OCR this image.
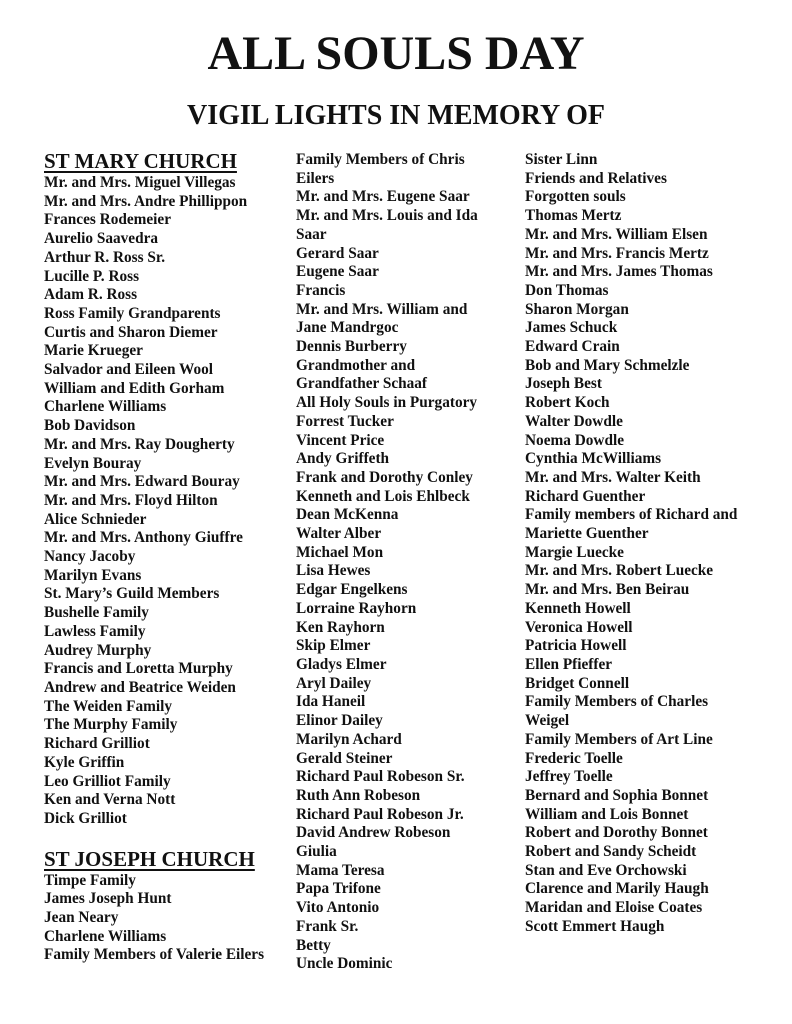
ALL SOULS DAY
VIGIL LIGHTS IN MEMORY OF
ST MARY CHURCH
Mr. and Mrs. Miguel Villegas
Mr. and Mrs. Andre Phillippon
Frances Rodemeier
Aurelio Saavedra
Arthur R. Ross Sr.
Lucille P. Ross
Adam R. Ross
Ross Family Grandparents
Curtis and Sharon Diemer
Marie Krueger
Salvador and Eileen Wool
William and Edith Gorham
Charlene Williams
Bob Davidson
Mr. and Mrs. Ray Dougherty
Evelyn Bouray
Mr. and Mrs. Edward Bouray
Mr. and Mrs. Floyd Hilton
Alice Schnieder
Mr. and Mrs. Anthony Giuffre
Nancy Jacoby
Marilyn Evans
St. Mary’s Guild Members
Bushelle Family
Lawless Family
Audrey Murphy
Francis and Loretta Murphy
Andrew and Beatrice Weiden
The Weiden Family
The Murphy Family
Richard Grilliot
Kyle Griffin
Leo Grilliot Family
Ken and Verna Nott
Dick Grilliot
ST JOSEPH CHURCH
Timpe Family
James Joseph Hunt
Jean Neary
Charlene Williams
Family Members of Valerie Eilers
Family Members of Chris
Eilers
Mr. and Mrs. Eugene Saar
Mr. and Mrs. Louis and Ida
Saar
Gerard Saar
Eugene Saar
Francis
Mr. and Mrs. William and
Jane Mandrgoc
Dennis Burberry
Grandmother and
Grandfather Schaaf
All Holy Souls in Purgatory
Forrest Tucker
Vincent Price
Andy Griffeth
Frank and Dorothy Conley
Kenneth and Lois Ehlbeck
Dean McKenna
Walter Alber
Michael Mon
Lisa Hewes
Edgar Engelkens
Lorraine Rayhorn
Ken Rayhorn
Skip Elmer
Gladys Elmer
Aryl Dailey
Ida Haneil
Elinor Dailey
Marilyn Achard
Gerald Steiner
Richard Paul Robeson Sr.
Ruth Ann Robeson
Richard Paul Robeson Jr.
David Andrew Robeson
Giulia
Mama Teresa
Papa Trifone
Vito Antonio
Frank Sr.
Betty
Uncle Dominic
Sister Linn
Friends and Relatives
Forgotten souls
Thomas Mertz
Mr. and Mrs. William Elsen
Mr. and Mrs. Francis Mertz
Mr. and Mrs. James Thomas
Don Thomas
Sharon Morgan
James Schuck
Edward Crain
Bob and Mary Schmelzle
Joseph Best
Robert Koch
Walter Dowdle
Noema Dowdle
Cynthia McWilliams
Mr. and Mrs. Walter Keith
Richard Guenther
Family members of Richard and
Mariette Guenther
Margie Luecke
Mr. and Mrs. Robert Luecke
Mr. and Mrs. Ben Beirau
Kenneth Howell
Veronica Howell
Patricia Howell
Ellen Pfieffer
Bridget Connell
Family Members of Charles
Weigel
Family Members of Art Line
Frederic Toelle
Jeffrey Toelle
Bernard and Sophia Bonnet
William and Lois Bonnet
Robert and Dorothy Bonnet
Robert and Sandy Scheidt
Stan and Eve Orchowski
Clarence and Marily Haugh
Maridan and Eloise Coates
Scott Emmert Haugh
